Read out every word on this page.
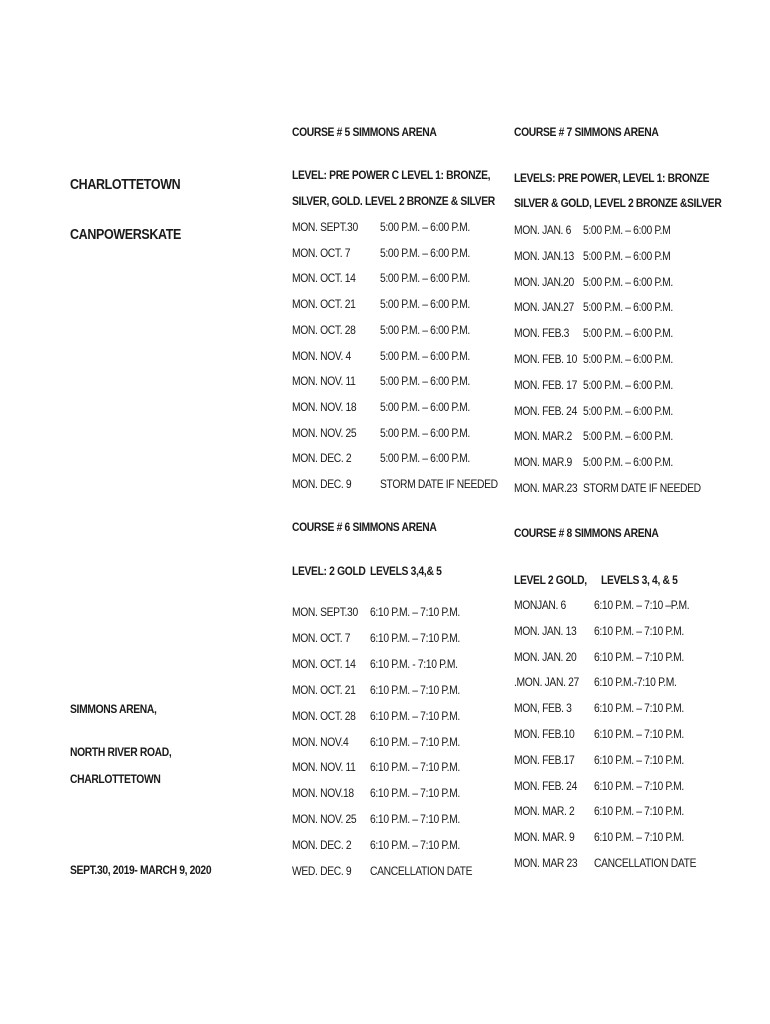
CHARLOTTETOWN
CANPOWERSKATE
SIMMONS ARENA,
NORTH RIVER ROAD,
CHARLOTTETOWN
SEPT.30, 2019- MARCH 9, 2020
COURSE # 5 SIMMONS ARENA
LEVEL: PRE POWER C LEVEL 1: BRONZE,
SILVER, GOLD. LEVEL 2 BRONZE & SILVER
MON. SEPT.30 5:00 P.M. – 6:00 P.M.
MON. OCT. 7 5:00 P.M. – 6:00 P.M.
MON. OCT. 14 5:00 P.M. – 6:00 P.M.
MON. OCT. 21 5:00 P.M. – 6:00 P.M.
MON. OCT. 28 5:00 P.M. – 6:00 P.M.
MON. NOV. 4 5:00 P.M. – 6:00 P.M.
MON. NOV. 11 5:00 P.M. – 6:00 P.M.
MON. NOV. 18 5:00 P.M. – 6:00 P.M.
MON. NOV. 25 5:00 P.M. – 6:00 P.M.
MON. DEC. 2 5:00 P.M. – 6:00 P.M.
MON. DEC. 9 STORM DATE IF NEEDED
COURSE # 6 SIMMONS ARENA
LEVEL: 2 GOLD LEVELS 3,4,& 5
MON. SEPT.30 6:10 P.M. – 7:10 P.M.
MON. OCT. 7 6:10 P.M. – 7:10 P.M.
MON. OCT. 14 6:10 P.M. - 7:10 P.M.
MON. OCT. 21 6:10 P.M. – 7:10 P.M.
MON. OCT. 28 6:10 P.M. – 7:10 P.M.
MON. NOV.4 6:10 P.M. – 7:10 P.M.
MON. NOV. 11 6:10 P.M. – 7:10 P.M.
MON. NOV.18 6:10 P.M. – 7:10 P.M.
MON. NOV. 25 6:10 P.M. – 7:10 P.M.
MON. DEC. 2 6:10 P.M. – 7:10 P.M.
WED. DEC. 9 CANCELLATION DATE
COURSE # 7 SIMMONS ARENA
LEVELS: PRE POWER, LEVEL 1: BRONZE
SILVER & GOLD, LEVEL 2 BRONZE &SILVER
MON. JAN. 6 5:00 P.M. – 6:00 P.M
MON. JAN.13 5:00 P.M. – 6:00 P.M
MON. JAN.20 5:00 P.M. – 6:00 P.M.
MON. JAN.27 5:00 P.M. – 6:00 P.M.
MON. FEB.3 5:00 P.M. – 6:00 P.M.
MON. FEB. 10 5:00 P.M. – 6:00 P.M.
MON. FEB. 17 5:00 P.M. – 6:00 P.M.
MON. FEB. 24 5:00 P.M. – 6:00 P.M.
MON. MAR.2 5:00 P.M. – 6:00 P.M.
MON. MAR.9 5:00 P.M. – 6:00 P.M.
MON. MAR.23 STORM DATE IF NEEDED
COURSE # 8 SIMMONS ARENA
LEVEL 2 GOLD, LEVELS 3, 4, & 5
MONJAN. 6 6:10 P.M. – 7:10 –P.M.
MON. JAN. 13 6:10 P.M. – 7:10 P.M.
MON. JAN. 20 6:10 P.M. – 7:10 P.M.
.MON. JAN. 27 6:10 P.M.-7:10 P.M.
MON, FEB. 3 6:10 P.M. – 7:10 P.M.
MON. FEB.10 6:10 P.M. – 7:10 P.M.
MON. FEB.17 6:10 P.M. – 7:10 P.M.
MON. FEB. 24 6:10 P.M. – 7:10 P.M.
MON. MAR. 2 6:10 P.M. – 7:10 P.M.
MON. MAR. 9 6:10 P.M. – 7:10 P.M.
MON. MAR 23 CANCELLATION DATE
